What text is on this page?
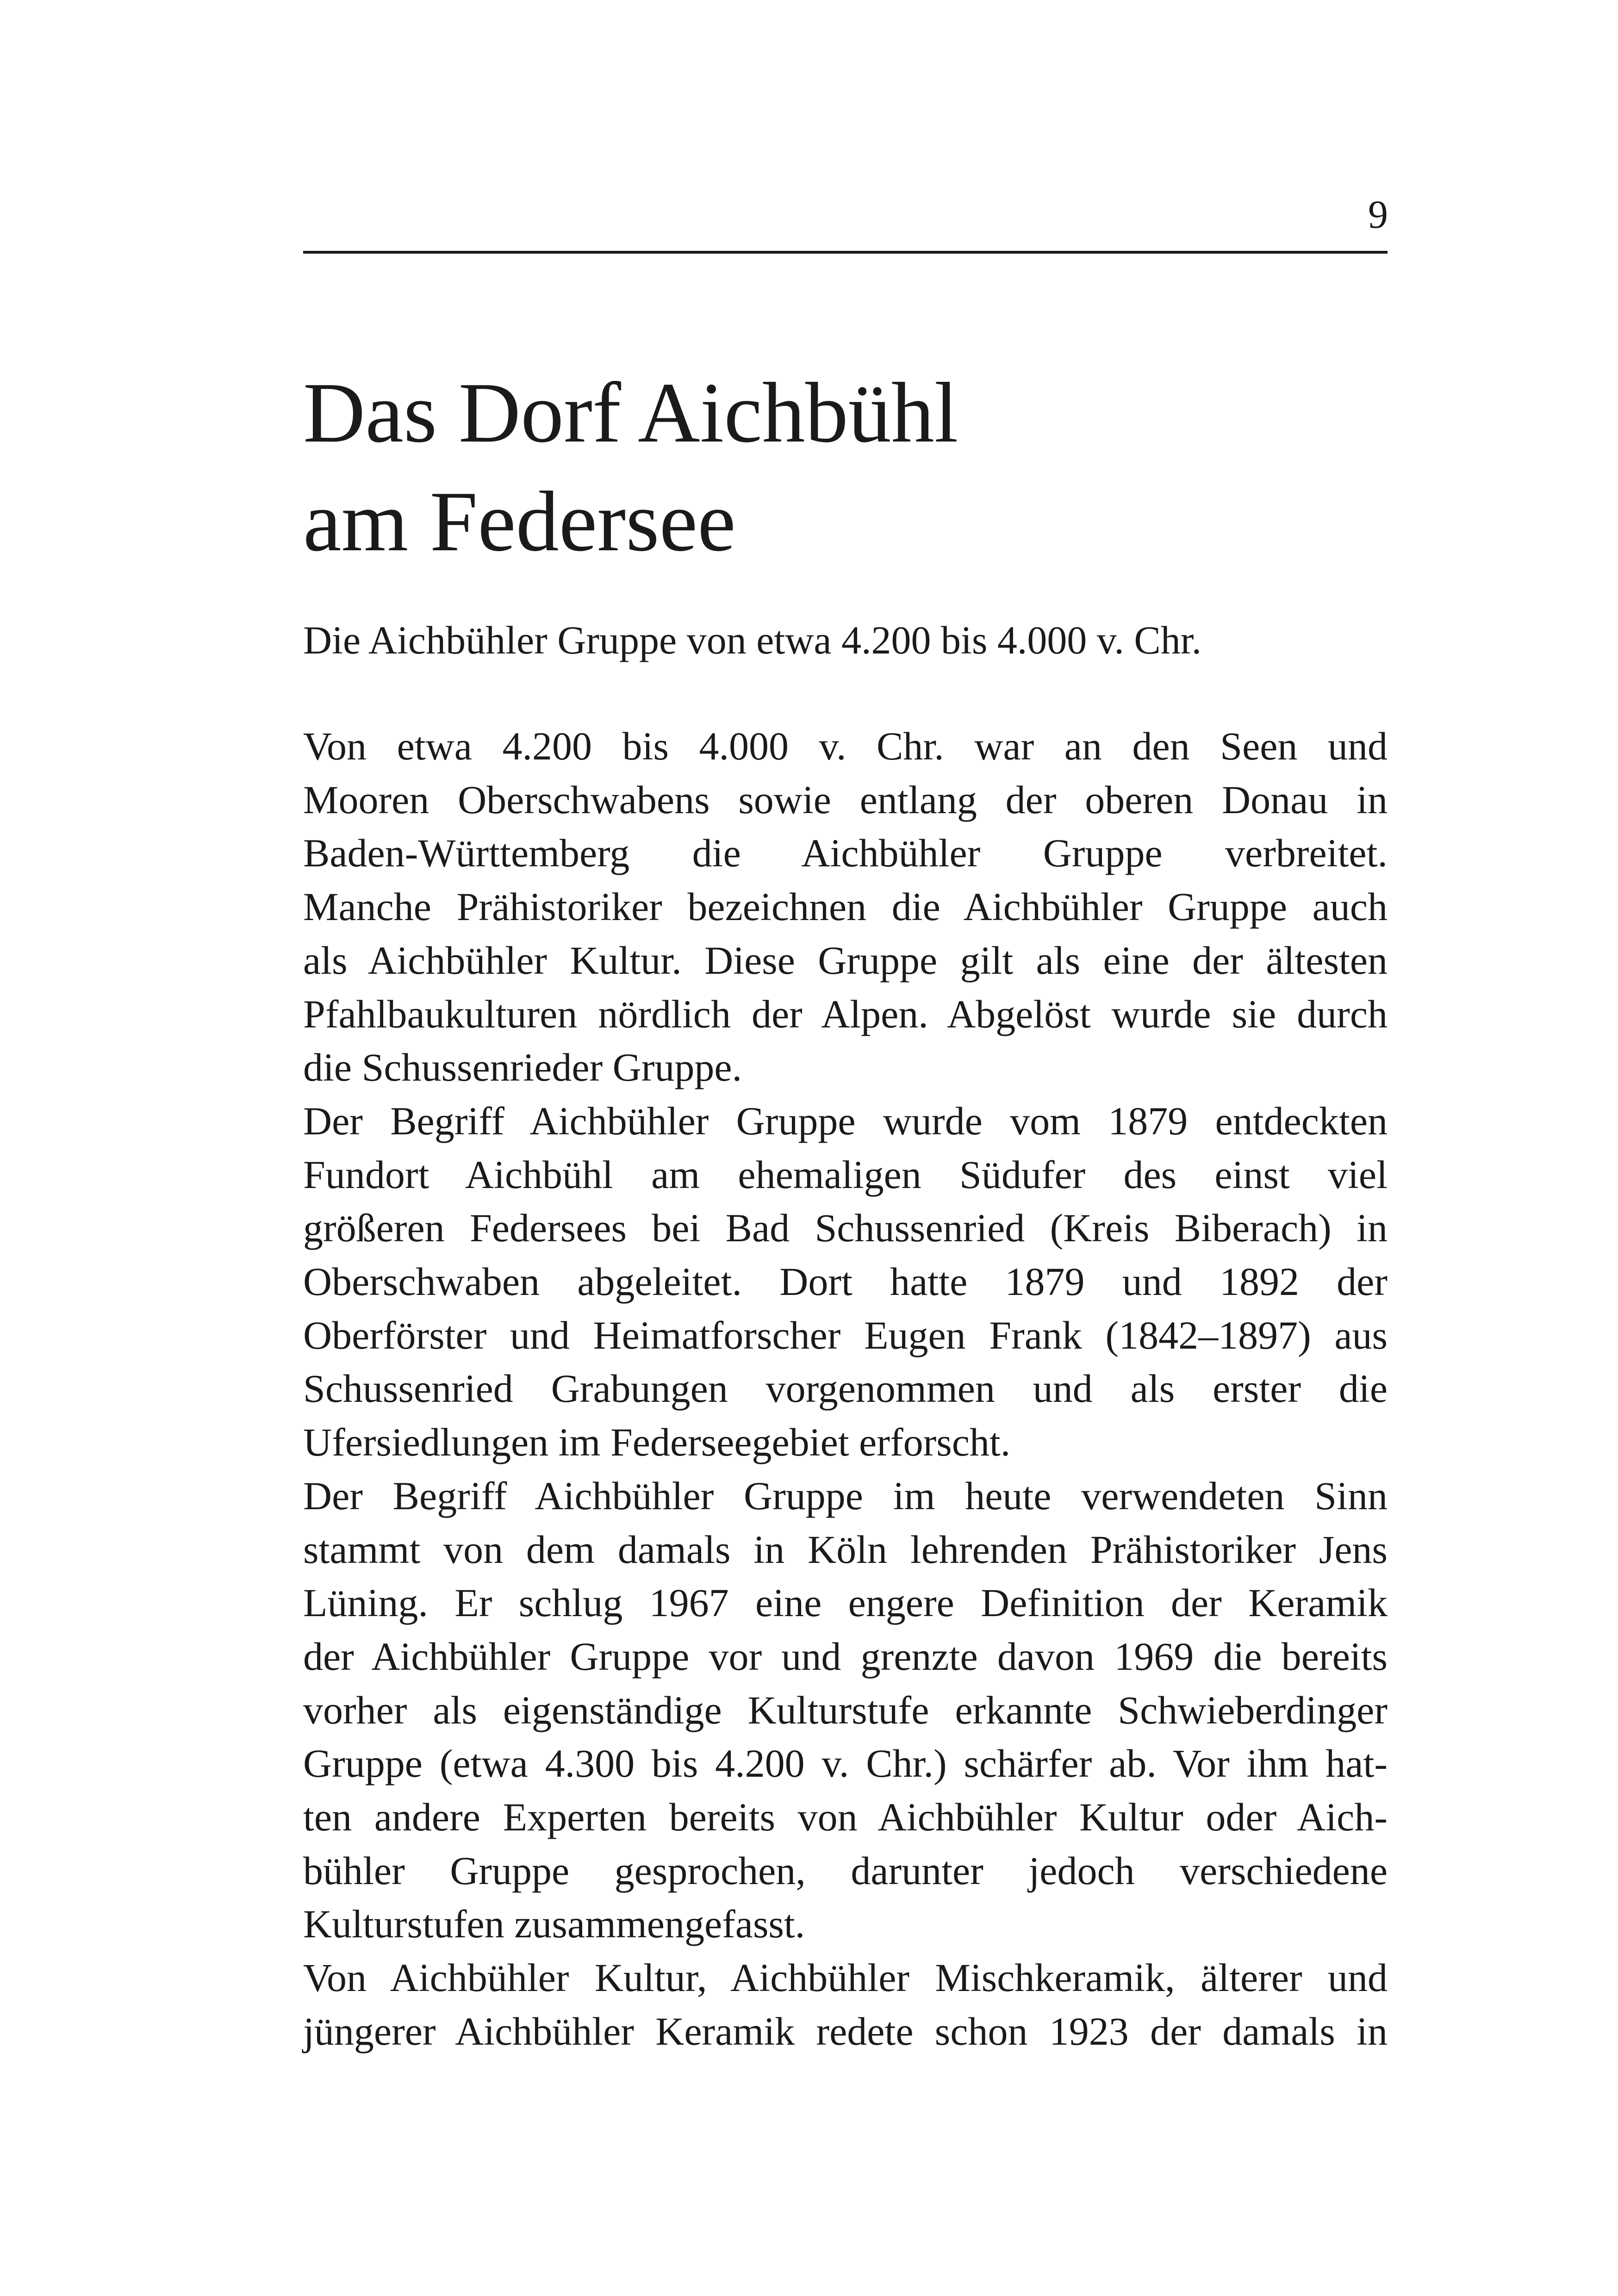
9
Das Dorf Aichbühl
am Federsee

Die Aichbühler Gruppe von etwa 4.200 bis 4.000 v. Chr.

Von etwa 4.200 bis 4.000 v. Chr. war an den Seen und
Mooren Oberschwabens sowie entlang der oberen Donau in
Baden-Württemberg die Aichbühler Gruppe verbreitet.
Manche Prähistoriker bezeichnen die Aichbühler Gruppe auch
als Aichbühler Kultur. Diese Gruppe gilt als eine der ältesten
Pfahlbaukulturen nördlich der Alpen. Abgelöst wurde sie durch
die Schussenrieder Gruppe.
Der Begriff Aichbühler Gruppe wurde vom 1879 entdeckten
Fundort Aichbühl am ehemaligen Südufer des einst viel
größeren Federsees bei Bad Schussenried (Kreis Biberach) in
Oberschwaben abgeleitet. Dort hatte 1879 und 1892 der
Oberförster und Heimatforscher Eugen Frank (1842–1897) aus
Schussenried Grabungen vorgenommen und als erster die
Ufersiedlungen im Federseegebiet erforscht.
Der Begriff Aichbühler Gruppe im heute verwendeten Sinn
stammt von dem damals in Köln lehrenden Prähistoriker Jens
Lüning. Er schlug 1967 eine engere Definition der Keramik
der Aichbühler Gruppe vor und grenzte davon 1969 die bereits
vorher als eigenständige Kulturstufe erkannte Schwieberdinger
Gruppe (etwa 4.300 bis 4.200 v. Chr.) schärfer ab. Vor ihm hat-
ten andere Experten bereits von Aichbühler Kultur oder Aich-
bühler Gruppe gesprochen, darunter jedoch verschiedene
Kulturstufen zusammengefasst.
Von Aichbühler Kultur, Aichbühler Mischkeramik, älterer und
jüngerer Aichbühler Keramik redete schon 1923 der damals in
